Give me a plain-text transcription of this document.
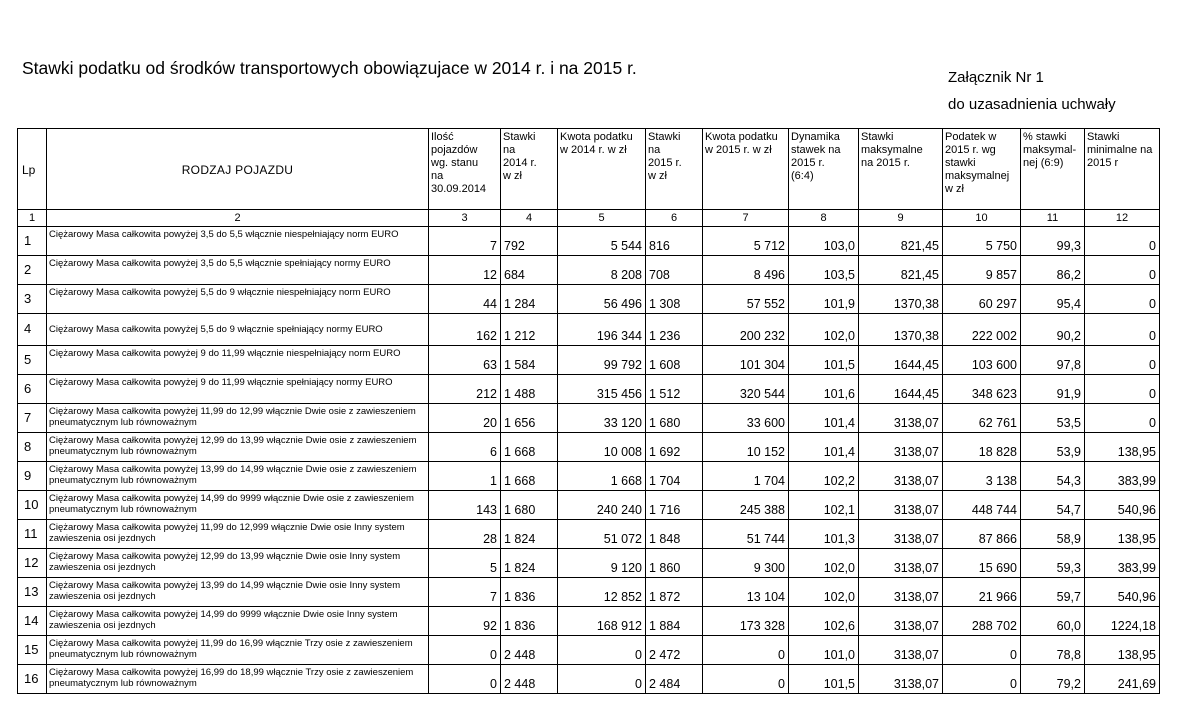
Stawki podatku od środków transportowych obowiązujace w 2014 r. i na 2015 r.	Załącznik Nr 1
do uzasadnienia uchwały
Lp	RODZAJ POJAZDU	Ilość
pojazdów
wg. stanu
na
30.09.2014	Stawki
na
2014 r.
w zł	Kwota podatku
w 2014 r. w zł	Stawki
na
2015 r.
w zł	Kwota podatku
w 2015 r. w zł	Dynamika
stawek na
2015 r.
(6:4)	Stawki
maksymalne
na 2015 r.	Podatek w
2015 r. wg
stawki
maksymalnej
w zł	% stawki
maksymal-
nej (6:9)	Stawki
minimalne na
2015 r
1	2	3	4	5	6	7	8	9	10	11	12
1	Ciężarowy Masa całkowita powyżej 3,5 do 5,5 włącznie niespełniający norm EURO	7	792	5 544	816	5 712	103,0	821,45	5 750	99,3	0
2	Ciężarowy Masa całkowita powyżej 3,5 do 5,5 włącznie spełniający normy EURO	12	684	8 208	708	8 496	103,5	821,45	9 857	86,2	0
3	Ciężarowy Masa całkowita powyżej 5,5 do 9 włącznie niespełniający norm EURO	44	1 284	56 496	1 308	57 552	101,9	1370,38	60 297	95,4	0
4	Ciężarowy Masa całkowita powyżej 5,5 do 9 włącznie spełniający normy EURO	162	1 212	196 344	1 236	200 232	102,0	1370,38	222 002	90,2	0
5	Ciężarowy Masa całkowita powyżej 9 do 11,99 włącznie niespełniający norm EURO	63	1 584	99 792	1 608	101 304	101,5	1644,45	103 600	97,8	0
6	Ciężarowy Masa całkowita powyżej 9 do 11,99 włącznie spełniający normy EURO	212	1 488	315 456	1 512	320 544	101,6	1644,45	348 623	91,9	0
7	Ciężarowy Masa całkowita powyżej 11,99 do 12,99 włącznie Dwie osie z zawieszeniem pneumatycznym lub równoważnym	20	1 656	33 120	1 680	33 600	101,4	3138,07	62 761	53,5	0
8	Ciężarowy Masa całkowita powyżej 12,99 do 13,99 włącznie Dwie osie z zawieszeniem pneumatycznym lub równoważnym	6	1 668	10 008	1 692	10 152	101,4	3138,07	18 828	53,9	138,95
9	Ciężarowy Masa całkowita powyżej 13,99 do 14,99 włącznie Dwie osie z zawieszeniem pneumatycznym lub równoważnym	1	1 668	1 668	1 704	1 704	102,2	3138,07	3 138	54,3	383,99
10	Ciężarowy Masa całkowita powyżej 14,99 do 9999 włącznie Dwie osie z zawieszeniem pneumatycznym lub równoważnym	143	1 680	240 240	1 716	245 388	102,1	3138,07	448 744	54,7	540,96
11	Ciężarowy Masa całkowita powyżej 11,99 do 12,999 włącznie Dwie osie Inny system zawieszenia osi jezdnych	28	1 824	51 072	1 848	51 744	101,3	3138,07	87 866	58,9	138,95
12	Ciężarowy Masa całkowita powyżej 12,99 do 13,99 włącznie Dwie osie Inny system zawieszenia osi jezdnych	5	1 824	9 120	1 860	9 300	102,0	3138,07	15 690	59,3	383,99
13	Ciężarowy Masa całkowita powyżej 13,99 do 14,99 włącznie Dwie osie Inny system zawieszenia osi jezdnych	7	1 836	12 852	1 872	13 104	102,0	3138,07	21 966	59,7	540,96
14	Ciężarowy Masa całkowita powyżej 14,99 do 9999 włącznie Dwie osie Inny system zawieszenia osi jezdnych	92	1 836	168 912	1 884	173 328	102,6	3138,07	288 702	60,0	1224,18
15	Ciężarowy Masa całkowita powyżej 11,99 do 16,99 włącznie Trzy osie z zawieszeniem pneumatycznym lub równoważnym	0	2 448	0	2 472	0	101,0	3138,07	0	78,8	138,95
16	Ciężarowy Masa całkowita powyżej 16,99 do 18,99 włącznie Trzy osie z zawieszeniem pneumatycznym lub równoważnym	0	2 448	0	2 484	0	101,5	3138,07	0	79,2	241,69
